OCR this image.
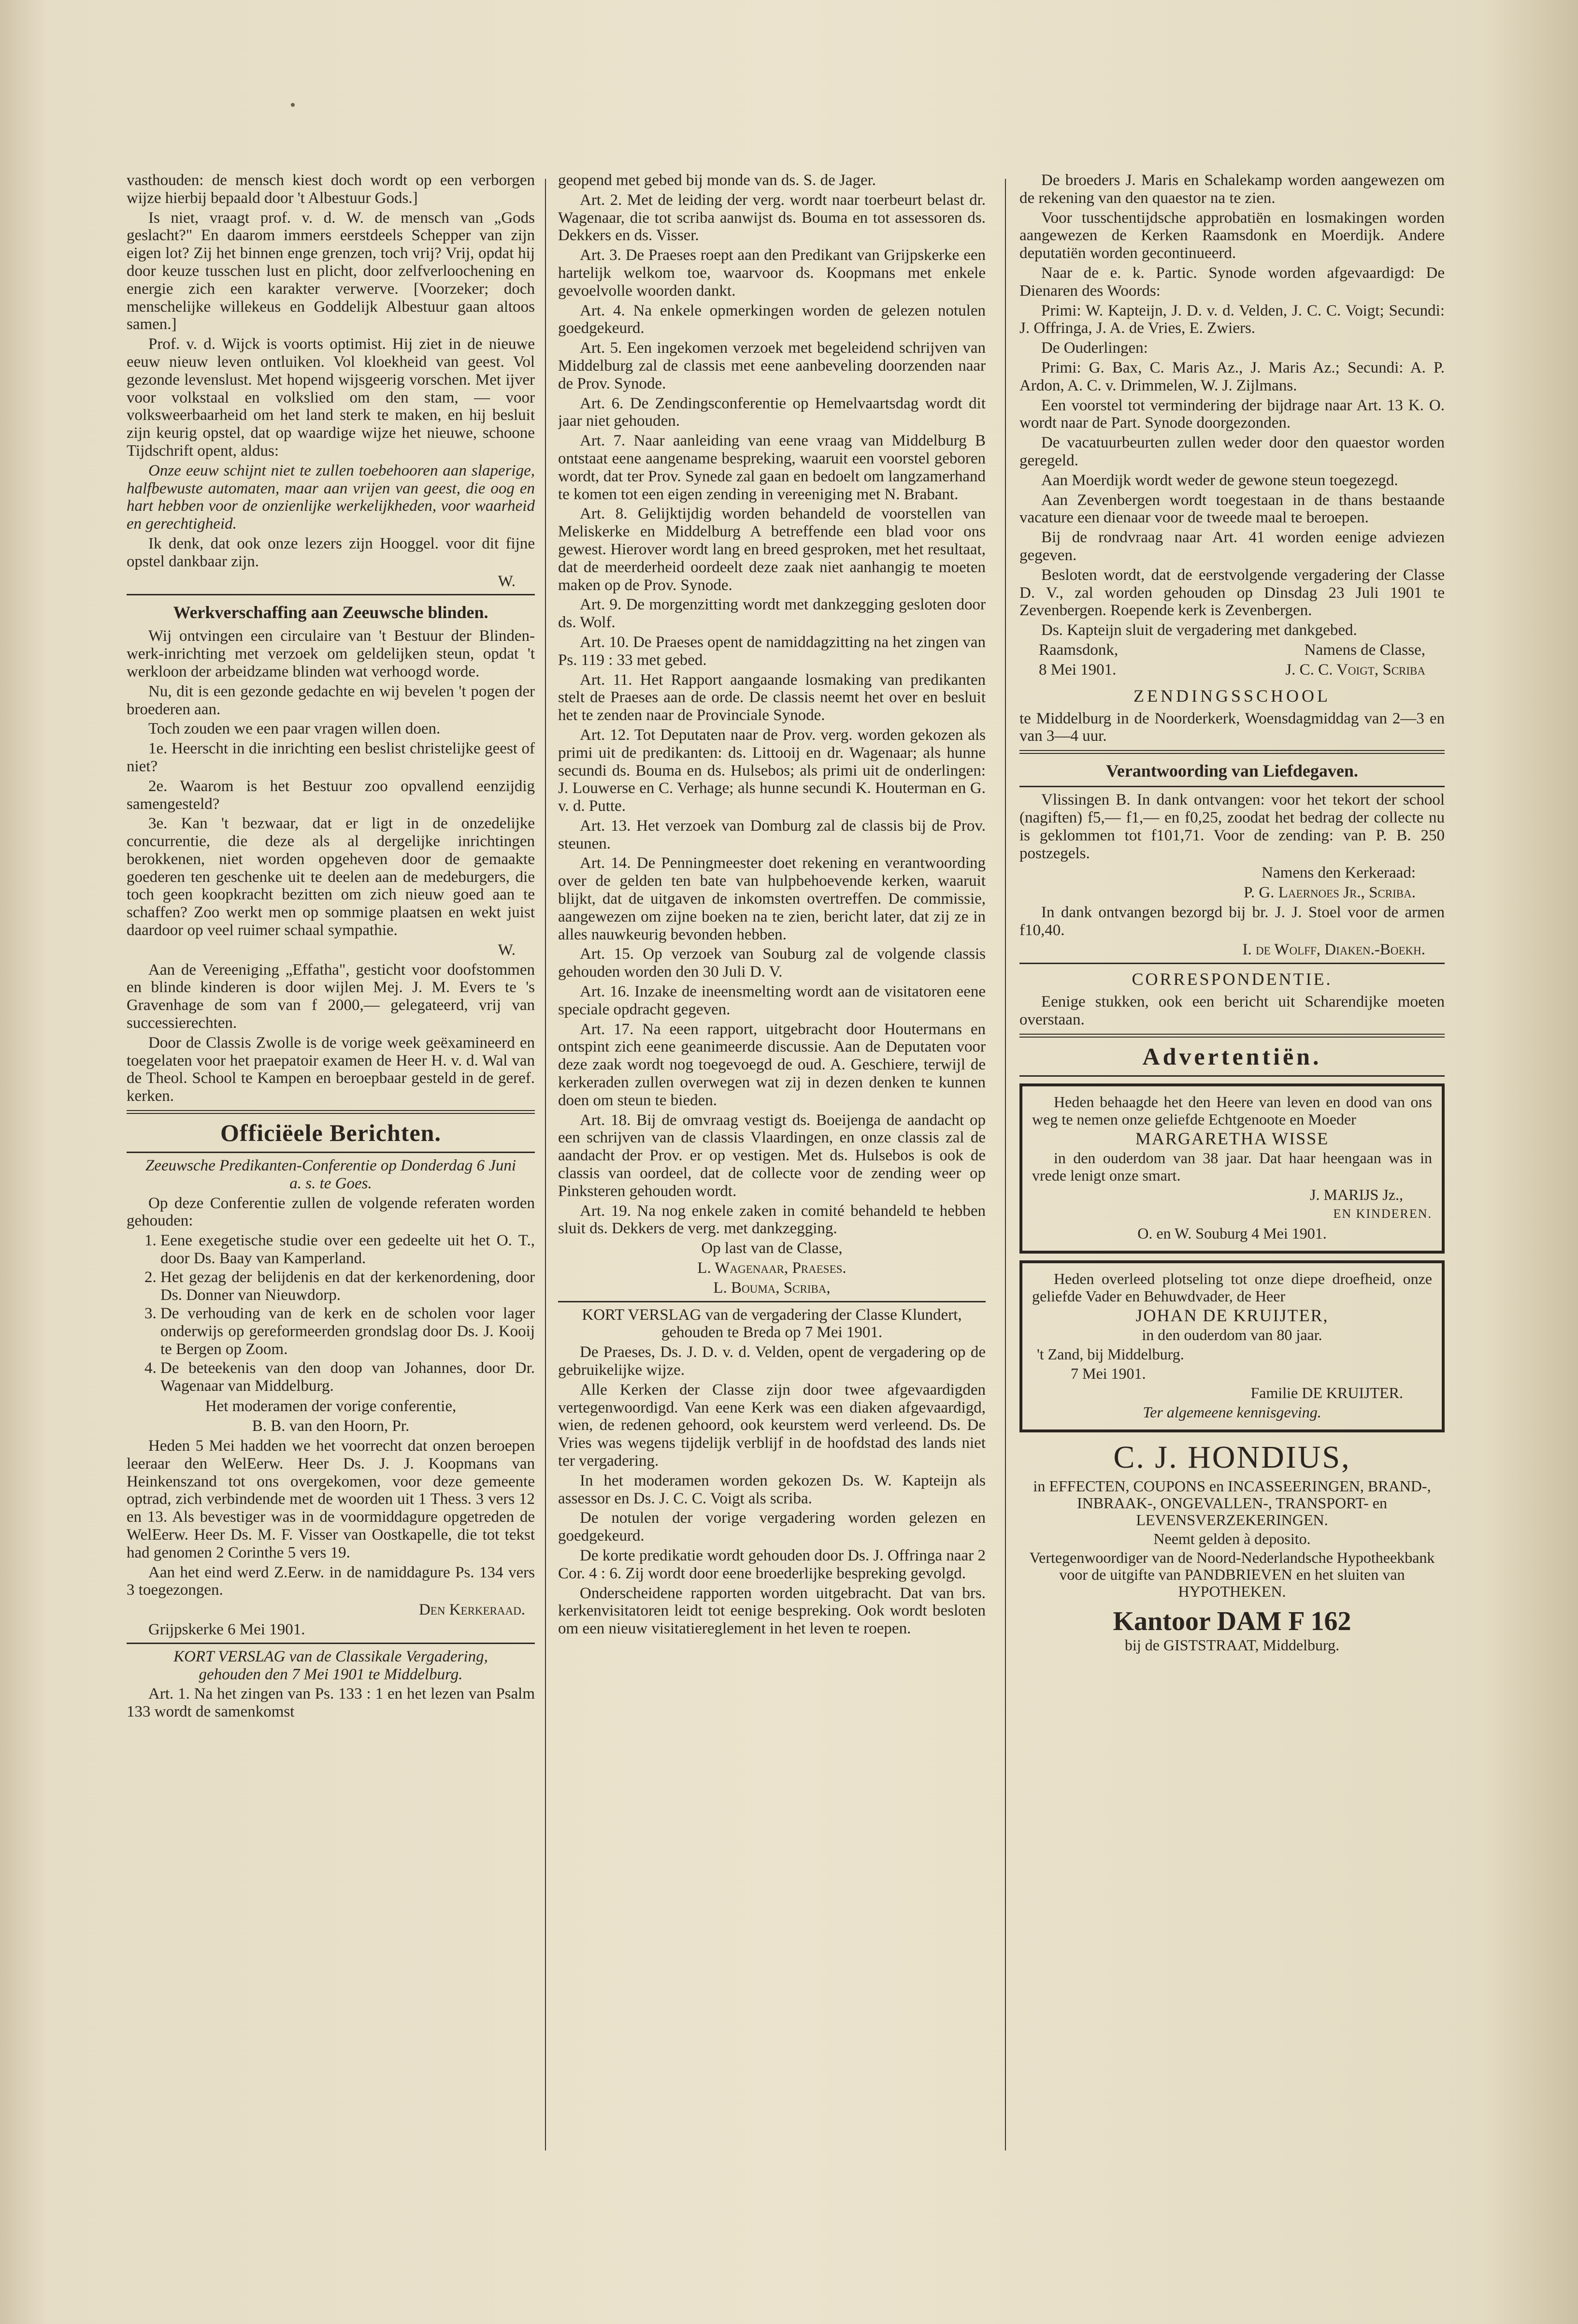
vasthouden: de mensch kiest doch wordt op een verborgen wijze hierbij bepaald door 't Albestuur Gods.]

Is niet, vraagt prof. v. d. W. de mensch van „Gods geslacht?" En daarom immers eerstdeels Schepper van zijn eigen lot? Zij het binnen enge grenzen, toch vrij? Vrij, opdat hij door keuze tusschen lust en plicht, door zelfverloochening en energie zich een karakter verwerve. [Voorzeker; doch menschelijke willekeus en Goddelijk Albestuur gaan altoos samen.]

Prof. v. d. Wijck is voorts optimist. Hij ziet in de nieuwe eeuw nieuw leven ontluiken. Vol kloekheid van geest. Vol gezonde levenslust. Met hopend wijsgeerig vorschen. Met ijver voor volkstaal en volkslied om den stam, — voor volksweerbaarheid om het land sterk te maken, en hij besluit zijn keurig opstel, dat op waardige wijze het nieuwe, schoone Tijdschrift opent, aldus:

Onze eeuw schijnt niet te zullen toebehooren aan slaperige, halfbewuste automaten, maar aan vrijen van geest, die oog en hart hebben voor de onzienlijke werkelijkheden, voor waarheid en gerechtigheid.

Ik denk, dat ook onze lezers zijn Hooggel. voor dit fijne opstel dankbaar zijn.

W.

Werkverschaffing aan Zeeuwsche blinden.

Wij ontvingen een circulaire van 't Bestuur der Blinden-werk-inrichting met verzoek om geldelijken steun, opdat 't werkloon der arbeidzame blinden wat verhoogd worde.

Nu, dit is een gezonde gedachte en wij bevelen 't pogen der broederen aan.

Toch zouden we een paar vragen willen doen.

1e. Heerscht in die inrichting een beslist christelijke geest of niet?

2e. Waarom is het Bestuur zoo opvallend eenzijdig samengesteld?

3e. Kan 't bezwaar, dat er ligt in de onzedelijke concurrentie, die deze als al dergelijke inrichtingen berokkenen, niet worden opgeheven door de gemaakte goederen ten geschenke uit te deelen aan de medeburgers, die toch geen koopkracht bezitten om zich nieuw goed aan te schaffen? Zoo werkt men op sommige plaatsen en wekt juist daardoor op veel ruimer schaal sympathie.

W.

Aan de Vereeniging „Effatha", gesticht voor doofstommen en blinde kinderen is door wijlen Mej. J. M. Evers te 's Gravenhage de som van f 2000,— gelegateerd, vrij van successierechten.

Door de Classis Zwolle is de vorige week geëxamineerd en toegelaten voor het praepatoir examen de Heer H. v. d. Wal van de Theol. School te Kampen en beroepbaar gesteld in de geref. kerken.

Officiëele Berichten.

Zeeuwsche Predikanten-Conferentie op Donderdag 6 Juni a. s. te Goes.

Op deze Conferentie zullen de volgende referaten worden gehouden:

1. Eene exegetische studie over een gedeelte uit het O. T., door Ds. Baay van Kamperland.
2. Het gezag der belijdenis en dat der kerkenordening, door Ds. Donner van Nieuwdorp.
3. De verhouding van de kerk en de scholen voor lager onderwijs op gereformeerden grondslag door Ds. J. Kooij te Bergen op Zoom.
4. De beteekenis van den doop van Johannes, door Dr. Wagenaar van Middelburg.

Het moderamen der vorige conferentie,

B. B. van den Hoorn, Pr.

Heden 5 Mei hadden we het voorrecht dat onzen beroepen leeraar den WelEerw. Heer Ds. J. J. Koopmans van Heinkenszand tot ons overgekomen, voor deze gemeente optrad, zich verbindende met de woorden uit 1 Thess. 3 vers 12 en 13. Als bevestiger was in de voormiddagure opgetreden de WelEerw. Heer Ds. M. F. Visser van Oostkapelle, die tot tekst had genomen 2 Corinthe 5 vers 19.

Aan het eind werd Z.Eerw. in de namiddagure Ps. 134 vers 3 toegezongen.

Den Kerkeraad.

Grijpskerke 6 Mei 1901.

KORT VERSLAG van de Classikale Vergadering, gehouden den 7 Mei 1901 te Middelburg.

Art. 1. Na het zingen van Ps. 133 : 1 en het lezen van Psalm 133 wordt de samenkomst

geopend met gebed bij monde van ds. S. de Jager.

Art. 2. Met de leiding der verg. wordt naar toerbeurt belast dr. Wagenaar, die tot scriba aanwijst ds. Bouma en tot assessoren ds. Dekkers en ds. Visser.

Art. 3. De Praeses roept aan den Predikant van Grijpskerke een hartelijk welkom toe, waarvoor ds. Koopmans met enkele gevoelvolle woorden dankt.

Art. 4. Na enkele opmerkingen worden de gelezen notulen goedgekeurd.

Art. 5. Een ingekomen verzoek met begeleidend schrijven van Middelburg zal de classis met eene aanbeveling doorzenden naar de Prov. Synode.

Art. 6. De Zendingsconferentie op Hemelvaartsdag wordt dit jaar niet gehouden.

Art. 7. Naar aanleiding van eene vraag van Middelburg B ontstaat eene aangename bespreking, waaruit een voorstel geboren wordt, dat ter Prov. Synede zal gaan en bedoelt om langzamerhand te komen tot een eigen zending in vereeniging met N. Brabant.

Art. 8. Gelijktijdig worden behandeld de voorstellen van Meliskerke en Middelburg A betreffende een blad voor ons gewest. Hierover wordt lang en breed gesproken, met het resultaat, dat de meerderheid oordeelt deze zaak niet aanhangig te moeten maken op de Prov. Synode.

Art. 9. De morgenzitting wordt met dankzegging gesloten door ds. Wolf.

Art. 10. De Praeses opent de namiddagzitting na het zingen van Ps. 119 : 33 met gebed.

Art. 11. Het Rapport aangaande losmaking van predikanten stelt de Praeses aan de orde. De classis neemt het over en besluit het te zenden naar de Provinciale Synode.

Art. 12. Tot Deputaten naar de Prov. verg. worden gekozen als primi uit de predikanten: ds. Littooij en dr. Wagenaar; als hunne secundi ds. Bouma en ds. Hulsebos; als primi uit de onderlingen: J. Louwerse en C. Verhage; als hunne secundi K. Houterman en G. v. d. Putte.

Art. 13. Het verzoek van Domburg zal de classis bij de Prov. steunen.

Art. 14. De Penningmeester doet rekening en verantwoording over de gelden ten bate van hulpbehoevende kerken, waaruit blijkt, dat de uitgaven de inkomsten overtreffen. De commissie, aangewezen om zijne boeken na te zien, bericht later, dat zij ze in alles nauwkeurig bevonden hebben.

Art. 15. Op verzoek van Souburg zal de volgende classis gehouden worden den 30 Juli D. V.

Art. 16. Inzake de ineensmelting wordt aan de visitatoren eene speciale opdracht gegeven.

Art. 17. Na eeen rapport, uitgebracht door Houtermans en ontspint zich eene geanimeerde discussie. Aan de Deputaten voor deze zaak wordt nog toegevoegd de oud. A. Geschiere, terwijl de kerkeraden zullen overwegen wat zij in dezen denken te kunnen doen om steun te bieden.

Art. 18. Bij de omvraag vestigt ds. Boeijenga de aandacht op een schrijven van de classis Vlaardingen, en onze classis zal de aandacht der Prov. er op vestigen. Met ds. Hulsebos is ook de classis van oordeel, dat de collecte voor de zending weer op Pinksteren gehouden wordt.

Art. 19. Na nog enkele zaken in comité behandeld te hebben sluit ds. Dekkers de verg. met dankzegging.

Op last van de Classe,

L. Wagenaar, Praeses.

L. Bouma, Scriba,

KORT VERSLAG van de vergadering der Classe Klundert, gehouden te Breda op 7 Mei 1901.

De Praeses, Ds. J. D. v. d. Velden, opent de vergadering op de gebruikelijke wijze.

Alle Kerken der Classe zijn door twee afgevaardigden vertegenwoordigd. Van eene Kerk was een diaken afgevaardigd, wien, de redenen gehoord, ook keurstem werd verleend. Ds. De Vries was wegens tijdelijk verblijf in de hoofdstad des lands niet ter vergadering.

In het moderamen worden gekozen Ds. W. Kapteijn als assessor en Ds. J. C. C. Voigt als scriba.

De notulen der vorige vergadering worden gelezen en goedgekeurd.

De korte predikatie wordt gehouden door Ds. J. Offringa naar 2 Cor. 4 : 6. Zij wordt door eene broederlijke bespreking gevolgd.

Onderscheidene rapporten worden uitgebracht. Dat van brs. kerkenvisitatoren leidt tot eenige bespreking. Ook wordt besloten om een nieuw visitatiereglement in het leven te roepen.

De broeders J. Maris en Schalekamp worden aangewezen om de rekening van den quaestor na te zien.

Voor tusschentijdsche approbatiën en losmakingen worden aangewezen de Kerken Raamsdonk en Moerdijk. Andere deputatiën worden gecontinueerd.

Naar de e. k. Partic. Synode worden afgevaardigd: De Dienaren des Woords:

Primi: W. Kapteijn, J. D. v. d. Velden, J. C. C. Voigt; Secundi: J. Offringa, J. A. de Vries, E. Zwiers.

De Ouderlingen:

Primi: G. Bax, C. Maris Az., J. Maris Az.; Secundi: A. P. Ardon, A. C. v. Drimmelen, W. J. Zijlmans.

Een voorstel tot vermindering der bijdrage naar Art. 13 K. O. wordt naar de Part. Synode doorgezonden.

De vacatuurbeurten zullen weder door den quaestor worden geregeld.

Aan Moerdijk wordt weder de gewone steun toegezegd.

Aan Zevenbergen wordt toegestaan in de thans bestaande vacature een dienaar voor de tweede maal te beroepen.

Bij de rondvraag naar Art. 41 worden eenige adviezen gegeven.

Besloten wordt, dat de eerstvolgende vergadering der Classe D. V., zal worden gehouden op Dinsdag 23 Juli 1901 te Zevenbergen. Roepende kerk is Zevenbergen.

Ds. Kapteijn sluit de vergadering met dankgebed.

Raamsdonk,	Namens de Classe,

8 Mei 1901.	J. C. C. Voigt, Scriba

ZENDINGSSCHOOL

te Middelburg in de Noorderkerk, Woensdagmiddag van 2—3 en van 3—4 uur.

Verantwoording van Liefdegaven.

Vlissingen B. In dank ontvangen: voor het tekort der school (nagiften) f5,— f1,— en f0,25, zoodat het bedrag der collecte nu is geklommen tot f101,71. Voor de zending: van P. B. 250 postzegels.

Namens den Kerkeraad:

P. G. Laernoes Jr., Scriba.

In dank ontvangen bezorgd bij br. J. J. Stoel voor de armen f10,40.

I. de Wolff, Diaken.-Boekh.

CORRESPONDENTIE.

Eenige stukken, ook een bericht uit Scharendijke moeten overstaan.

Advertentiën.

Heden behaagde het den Heere van leven en dood van ons weg te nemen onze geliefde Echtgenoote en Moeder

MARGARETHA WISSE

in den ouderdom van 38 jaar. Dat haar heengaan was in vrede lenigt onze smart.

J. MARIJS Jz.,

EN KINDEREN.

O. en W. Souburg 4 Mei 1901.

Heden overleed plotseling tot onze diepe droefheid, onze geliefde Vader en Behuwdvader, de Heer

JOHAN DE KRUIJTER,

in den ouderdom van 80 jaar.

't Zand, bij Middelburg.

7 Mei 1901.

Familie DE KRUIJTER.

Ter algemeene kennisgeving.

C. J. HONDIUS,

in EFFECTEN, COUPONS en INCASSEERINGEN, BRAND-, INBRAAK-, ONGEVALLEN-, TRANSPORT- en LEVENSVERZEKERINGEN.

Neemt gelden à deposito.

Vertegenwoordiger van de Noord-Nederlandsche Hypotheekbank voor de uitgifte van PANDBRIEVEN en het sluiten van HYPOTHEKEN.

Kantoor DAM F 162

bij de GISTSTRAAT, Middelburg.
